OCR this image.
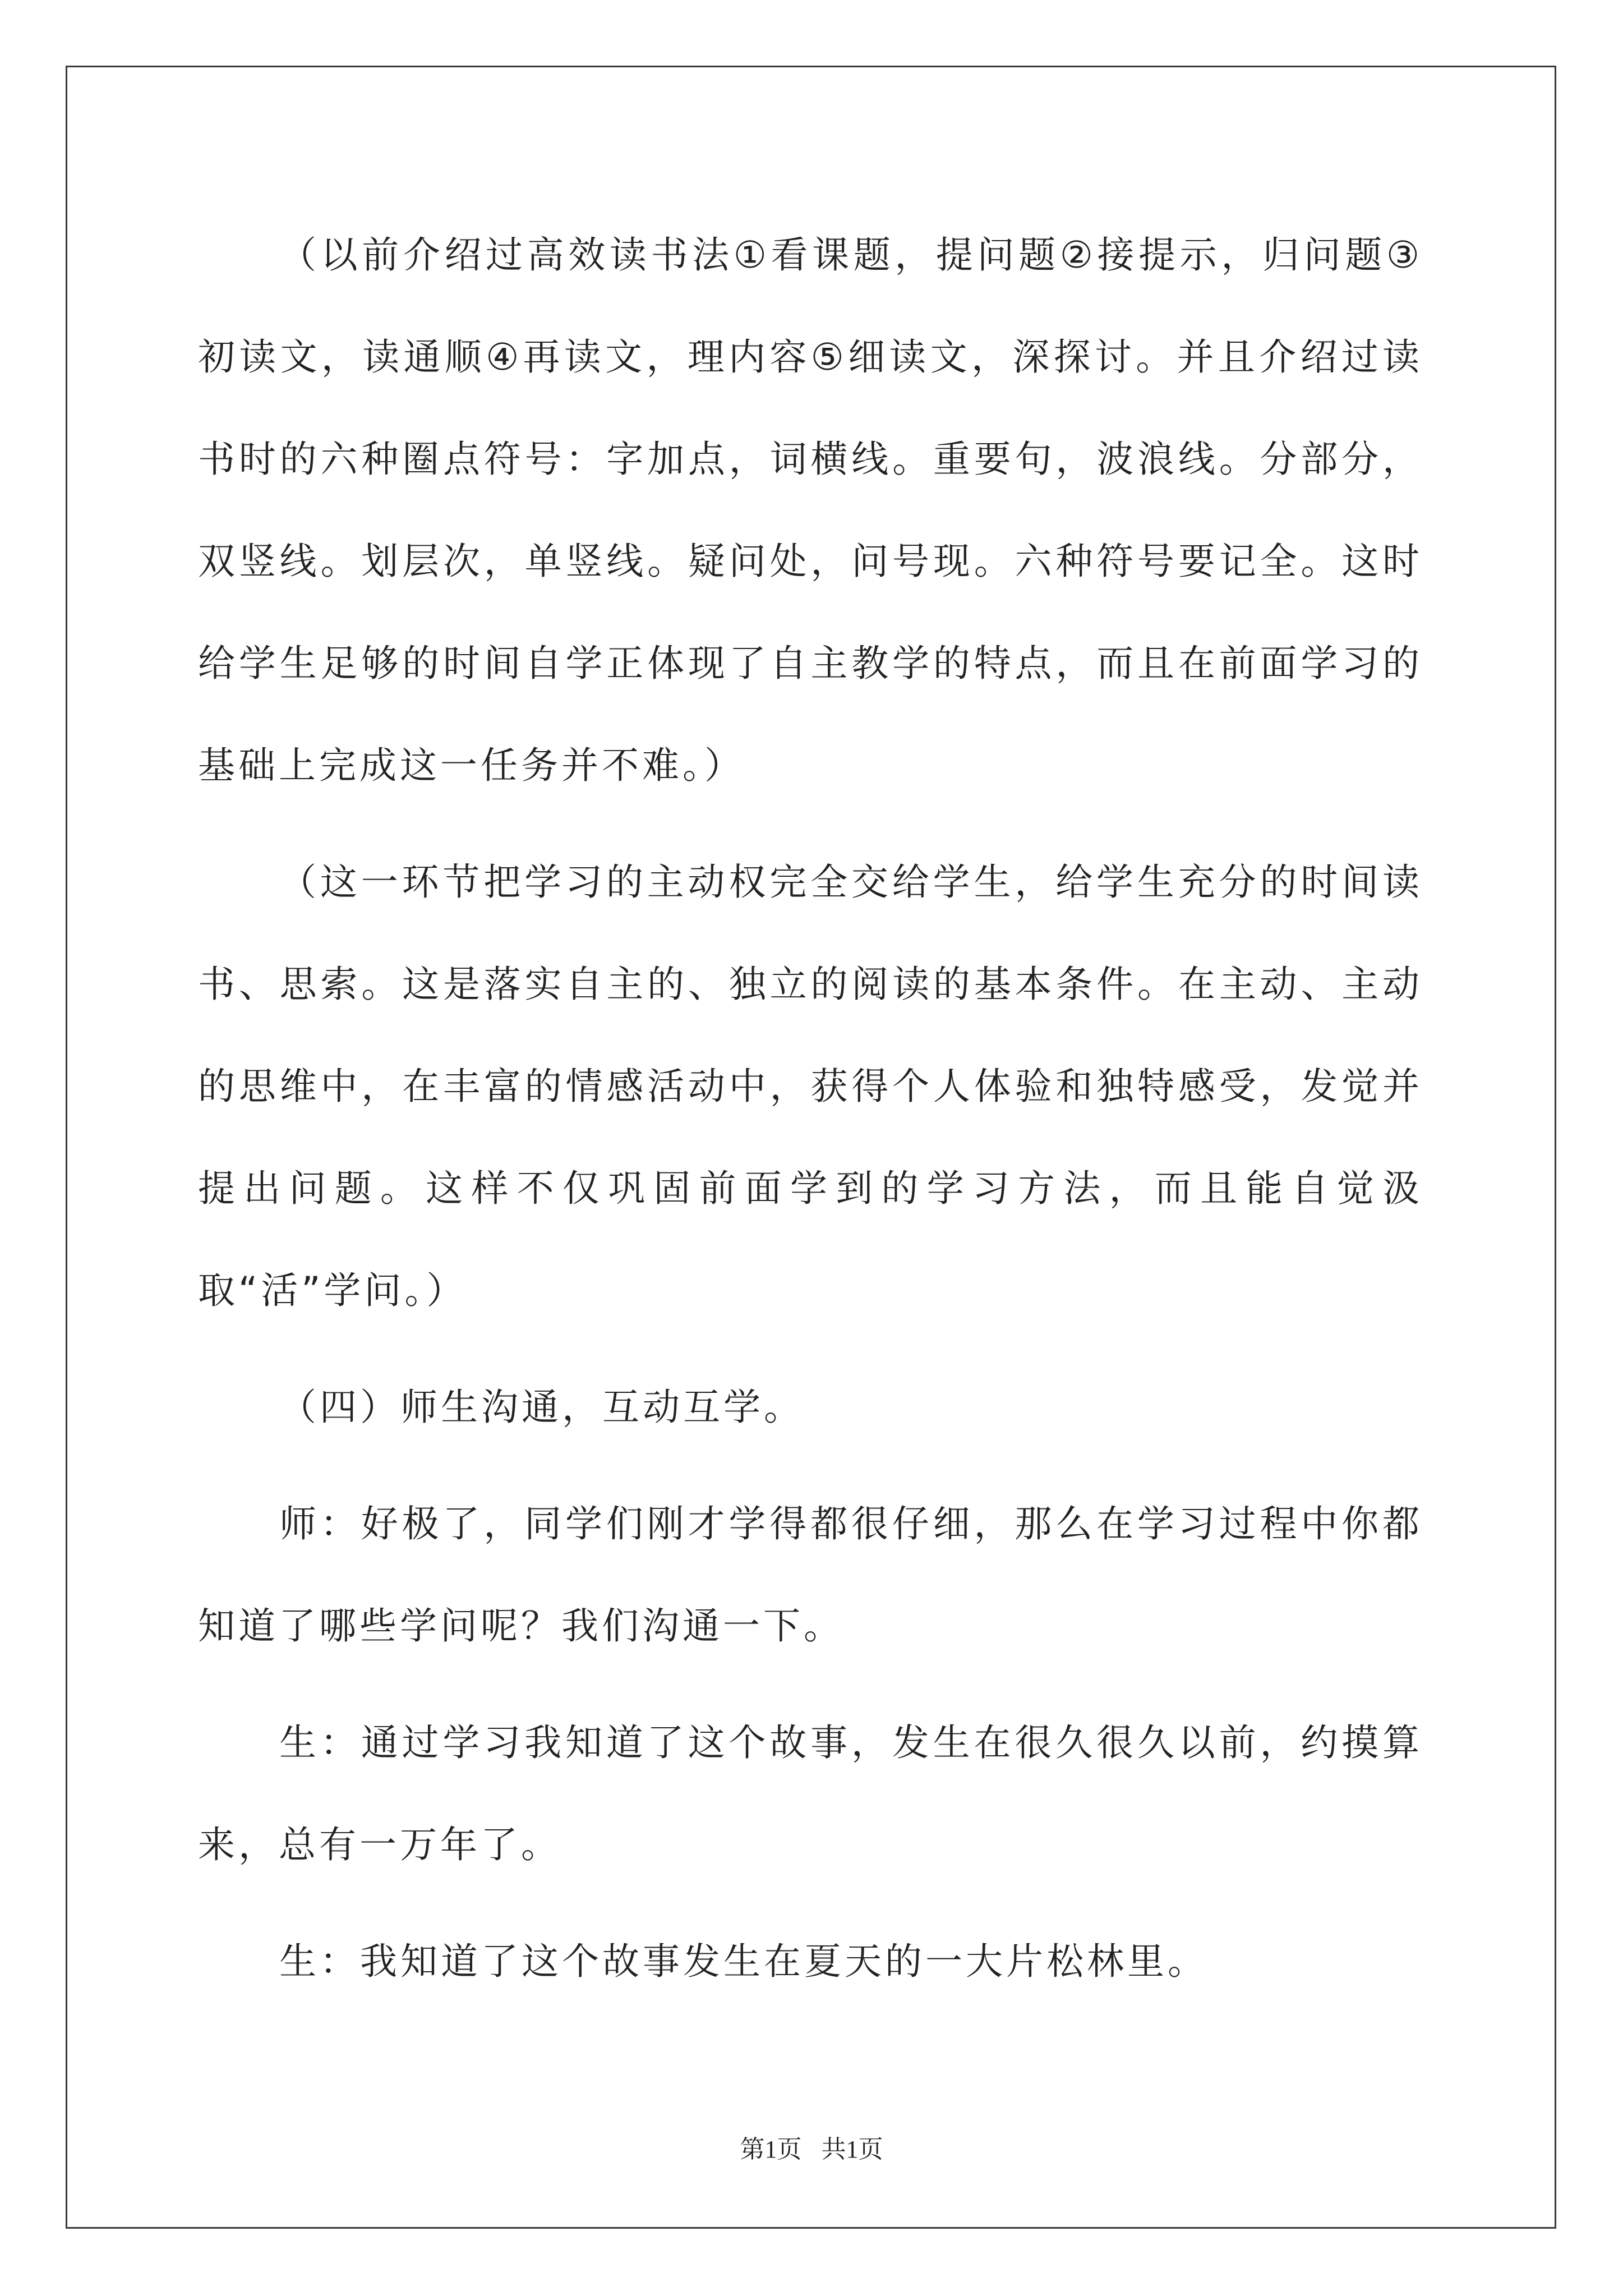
（以前介绍过高效读书法①看课题，提问题②接提示，归问题③初读文，读通顺④再读文，理内容⑤细读文，深探讨。并且介绍过读书时的六种圈点符号：字加点，词横线。重要句，波浪线。分部分，双竖线。划层次，单竖线。疑问处，问号现。六种符号要记全。这时给学生足够的时间自学正体现了自主教学的特点，而且在前面学习的基础上完成这一任务并不难。）

（这一环节把学习的主动权完全交给学生，给学生充分的时间读书、思索。这是落实自主的、独立的阅读的基本条件。在主动、主动的思维中，在丰富的情感活动中，获得个人体验和独特感受，发觉并提出问题。这样不仅巩固前面学到的学习方法，而且能自觉汲取“活”学问。）

（四）师生沟通，互动互学。

师：好极了，同学们刚才学得都很仔细，那么在学习过程中你都知道了哪些学问呢？我们沟通一下。

生：通过学习我知道了这个故事，发生在很久很久以前，约摸算来，总有一万年了。

生：我知道了这个故事发生在夏天的一大片松林里。

第1页 共1页
